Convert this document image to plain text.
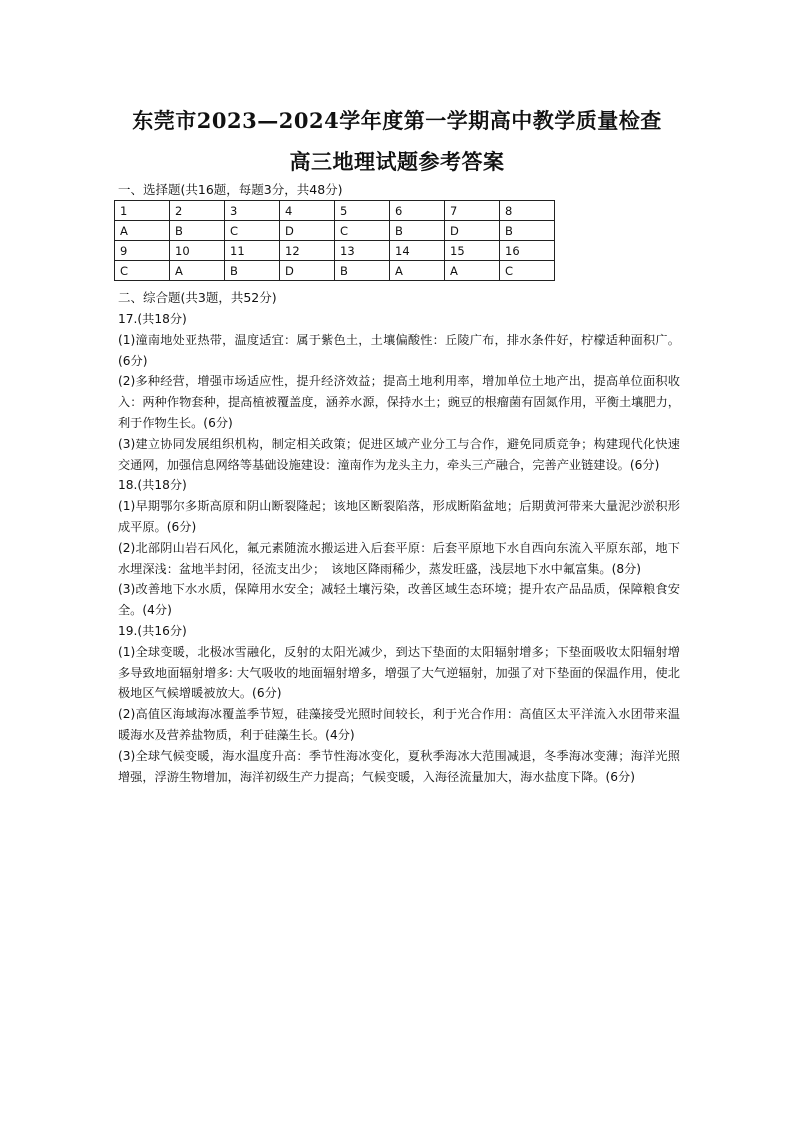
东莞市2023—2024学年度第一学期高中教学质量检查
高三地理试题参考答案
一、选择题(共16题，每题3分，共48分)
1	2	3	4	5	6	7	8
A	B	C	D	C	B	D	B
9	10	11	12	13	14	15	16
C	A	B	D	B	A	A	C
二、综合题(共3题，共52分)

17.(共18分)

(1)潼南地处亚热带，温度适宜：属于紫色土，土壤偏酸性：丘陵广布，排水条件好，柠檬适种面积广。(6分)

(2)多种经营，增强市场适应性，提升经济效益；提高土地利用率，增加单位土地产出，提高单位面积收入：两种作物套种，提高植被覆盖度，涵养水源，保持水土；豌豆的根瘤菌有固氮作用，平衡土壤肥力，利于作物生长。(6分)

(3)建立协同发展组织机构，制定相关政策；促进区域产业分工与合作，避免同质竞争；构建现代化快速交通网，加强信息网络等基础设施建设：潼南作为龙头主力，牵头三产融合，完善产业链建设。(6分)

18.(共18分)

(1)早期鄂尔多斯高原和阴山断裂隆起；该地区断裂陷落，形成断陷盆地；后期黄河带来大量泥沙淤积形成平原。(6分)

(2)北部阴山岩石风化，氟元素随流水搬运进入后套平原：后套平原地下水自西向东流入平原东部，地下水埋深浅：盆地半封闭，径流支出少；　该地区降雨稀少，蒸发旺盛，浅层地下水中氟富集。(8分)

(3)改善地下水水质，保障用水安全；减轻土壤污染，改善区域生态环境；提升农产品品质，保障粮食安全。(4分)

19.(共16分)

(1)全球变暖，北极冰雪融化，反射的太阳光减少，到达下垫面的太阳辐射增多；下垫面吸收太阳辐射增多导致地面辐射增多: 大气吸收的地面辐射增多，增强了大气逆辐射，加强了对下垫面的保温作用，使北极地区气候增暖被放大。(6分)

(2)高值区海域海冰覆盖季节短，硅藻接受光照时间较长，利于光合作用：高值区太平洋流入水团带来温暖海水及营养盐物质，利于硅藻生长。(4分)

(3)全球气候变暖，海水温度升高：季节性海冰变化，夏秋季海冰大范围减退，冬季海冰变薄；海洋光照增强，浮游生物增加，海洋初级生产力提高；气候变暖，入海径流量加大，海水盐度下降。(6分)
